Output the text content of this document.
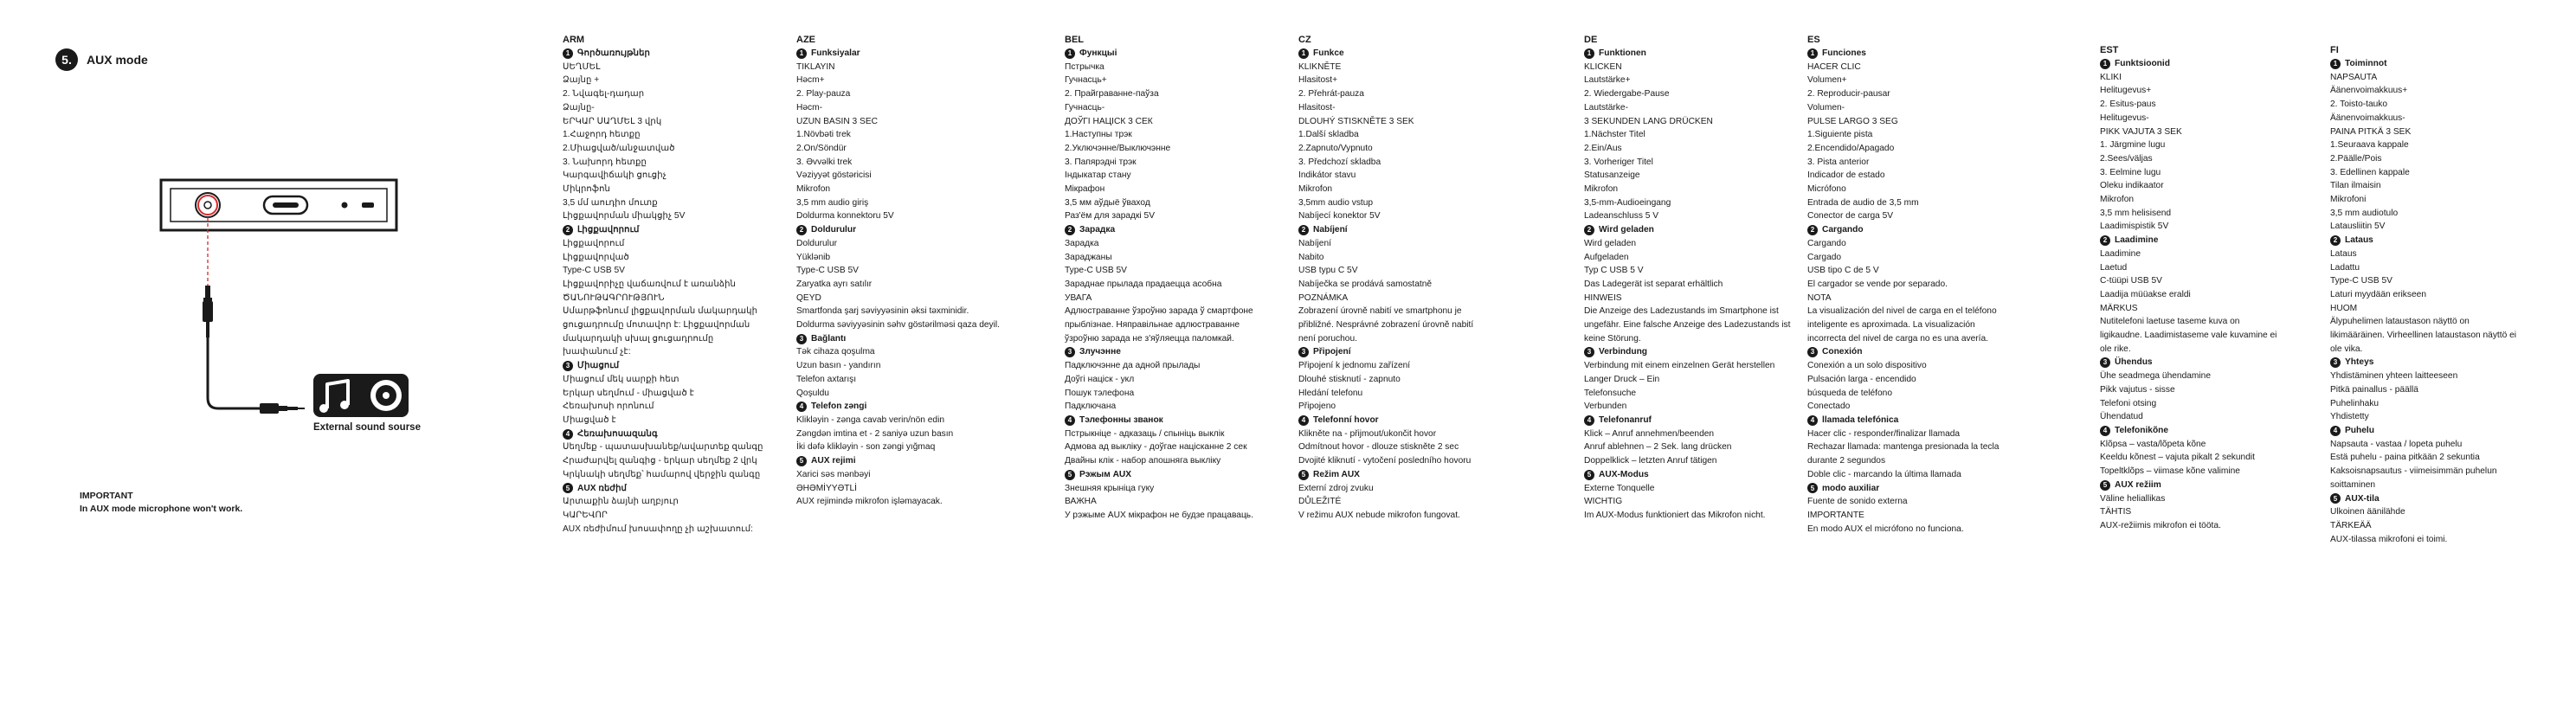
5.	AUX mode
External sound sourse
IMPORTANT
In AUX mode microphone won't work.
ARM
1 Գործառույթներ
ՍԵՂՄԵԼ
Ձայնը +
2. Նվագել-դադար
Ձայնը-
ԵՐԿԱՐ ՍԱՂՄԵԼ 3 վրկ
1.Հաջորդ հետքը
2.Միացված/անջատված
3. Նախորդ հետքը
Կարգավիճակի ցուցիչ
Միկրոֆոն
3,5 մմ աուդիո մուտք
Լիցքավորման միակցիչ 5V
2 Լիցքավորում
Լիցքավորում
Լիցքավորված
Type-C USB 5V
Լիցքավորիչը վաճառվում է առանձին
ԾԱՆՈՒԹԱԳՐՈՒԹՅՈՒՆ
Սմարթֆոնում լիցքավորման մակարդակի
ցուցադրումը մոտավոր է: Լիցքավորման
մակարդակի սխալ ցուցադրումը
խափանում չէ:
3 Միացում
Միացում մեկ սարքի հետ
Երկար սեղմում - միացված է
Հեռախոսի որոնում
Միացված է
4 Հեռախոսազանգ
Սեղմեք - պատասխանեք/ավարտեք զանգը
Հրաժարվել զանգից - երկար սեղմեք 2 վրկ
Կրկնակի սեղմեք՝ համարով վերջին զանգը
5 AUX ռեժիմ
Արտաքին ձայնի աղբյուր
ԿԱՐԵՎՈՐ
AUX ռեժիմում խոսափողը չի աշխատում:
AZE
1 Funksiyalar
TIKLAYIN
Həcm+
2. Play-pauza
Həcm-
UZUN BASIN 3 SEC
1.Növbəti trek
2.On/Söndür
3. Əvvəlki trek
Vəziyyət göstəricisi
Mikrofon
3,5 mm audio giriş
Doldurma konnektoru 5V
2 Doldurulur
Doldurulur
Yüklənib
Type-C USB 5V
Zaryatka ayrı satılır
QEYD
Smartfonda şarj səviyyəsinin əksi təxminidir.
Doldurma səviyyəsinin səhv göstərilməsi qaza deyil.
3 Bağlantı
Tək cihaza qoşulma
Uzun basın - yandırın
Telefon axtarışı
Qoşuldu
4 Telefon zəngi
Klikləyin - zənga cavab verin/nön edin
Zəngdən imtina et - 2 saniyə uzun basın
İki dəfə klikləyin - son zəngi yığmaq
5 AUX rejimi
Xarici səs mənbəyi
ƏHƏMİYYƏTLİ
AUX rejimində mikrofon işləmayacak.
BEL
1 Функцыі
Пстрычка
Гучнасць+
2. Прайграванне-паўза
Гучнасць-
ДОЎГІ НАЦІСК 3 СЕК
1.Наступны трэк
2.Уключэнне/Выключэнне
3. Папярэдні трэк
Індыкатар стану
Мікрафон
3,5 мм аўдыё ўваход
Раз'ём для зарадкі 5V
2 Зарадка
Зарадка
Зараджаны
Type-C USB 5V
Зараднае прылада прадаецца асобна
УВАГА
Адлюстраванне ўзроўню зарада ў смартфоне
прыблізнае. Няправільнае адлюстраванне
ўзроўню зарада не з'яўляецца паломкай.
3 Злучэнне
Падключэнне да адной прылады
Доўгі націск - укл
Пошук тэлефона
Падключана
4 Тэлефонны званок
Пстрыкніце - адказаць / спыніць выклік
Адмова ад выкліку - доўгае націсканне 2 сек
Двайны клік - набор апошняга выкліку
5 Рэжым AUX
Знешняя крыніца гуку
ВАЖНА
У рэжыме AUX мікрафон не будзе працаваць.
CZ
1 Funkce
KLIKNĚTE
Hlasitost+
2. Přehrát-pauza
Hlasitost-
DLOUHÝ STISKNĚTE 3 SEK
1.Další skladba
2.Zapnuto/Vypnuto
3. Předchozí skladba
Indikátor stavu
Mikrofon
3,5mm audio vstup
Nabíjecí konektor 5V
2 Nabíjení
Nabíjení
Nabito
USB typu C 5V
Nabíječka se prodává samostatně
POZNÁMKA
Zobrazení úrovně nabití ve smartphonu je
přibližné. Nesprávné zobrazení úrovně nabití
není poruchou.
3 Připojení
Připojení k jednomu zařízení
Dlouhé stisknutí - zapnuto
Hledání telefonu
Připojeno
4 Telefonní hovor
Klikněte na - přijmout/ukončit hovor
Odmítnout hovor - dlouze stiskněte 2 sec
Dvojité kliknutí - vytočení posledního hovoru
5 Režim AUX
Externí zdroj zvuku
DŮLEŽITÉ
V režimu AUX nebude mikrofon fungovat.
DE
1 Funktionen
KLICKEN
Lautstärke+
2. Wiedergabe-Pause
Lautstärke-
3 SEKUNDEN LANG DRÜCKEN
1.Nächster Titel
2.Ein/Aus
3. Vorheriger Titel
Statusanzeige
Mikrofon
3,5-mm-Audioeingang
Ladeanschluss 5 V
2 Wird geladen
Wird geladen
Aufgeladen
Typ C USB 5 V
Das Ladegerät ist separat erhältlich
HINWEIS
Die Anzeige des Ladezustands im Smartphone ist
ungefähr. Eine falsche Anzeige des Ladezustands ist
keine Störung.
3 Verbindung
Verbindung mit einem einzelnen Gerät herstellen
Langer Druck – Ein
Telefonsuche
Verbunden
4 Telefonanruf
Klick – Anruf annehmen/beenden
Anruf ablehnen – 2 Sek. lang drücken
Doppelklick – letzten Anruf tätigen
5 AUX-Modus
Externe Tonquelle
WICHTIG
Im AUX-Modus funktioniert das Mikrofon nicht.
ES
1 Funciones
HACER CLIC
Volumen+
2. Reproducir-pausar
Volumen-
PULSE LARGO 3 SEG
1.Siguiente pista
2.Encendido/Apagado
3. Pista anterior
Indicador de estado
Micrófono
Entrada de audio de 3,5 mm
Conector de carga 5V
2 Cargando
Cargando
Cargado
USB tipo C de 5 V
El cargador se vende por separado.
NOTA
La visualización del nivel de carga en el teléfono
inteligente es aproximada. La visualización
incorrecta del nivel de carga no es una avería.
3 Conexión
Conexión a un solo dispositivo
Pulsación larga - encendido
búsqueda de teléfono
Conectado
4 llamada telefónica
Hacer clic - responder/finalizar llamada
Rechazar llamada: mantenga presionada la tecla
durante 2 segundos
Doble clic - marcando la última llamada
5 modo auxiliar
Fuente de sonido externa
IMPORTANTE
En modo AUX el micrófono no funciona.
EST
1 Funktsioonid
KLIKI
Helitugevus+
2. Esitus-paus
Helitugevus-
PIKK VAJUTA 3 SEK
1. Järgmine lugu
2.Sees/väljas
3. Eelmine lugu
Oleku indikaator
Mikrofon
3,5 mm helisisend
Laadimispistik 5V
2 Laadimine
Laadimine
Laetud
C-tüüpi USB 5V
Laadija müüakse eraldi
MÄRKUS
Nutitelefoni laetuse taseme kuva on
ligikaudne. Laadimistaseme vale kuvamine ei
ole rike.
3 Ühendus
Ühe seadmega ühendamine
Pikk vajutus - sisse
Telefoni otsing
Ühendatud
4 Telefonikõne
Klõpsa – vasta/lõpeta kõne
Keeldu kõnest – vajuta pikalt 2 sekundit
Topeltklõps – viimase kõne valimine
5 AUX režiim
Väline heliallikas
TÄHTIS
AUX-režiimis mikrofon ei tööta.
FI
1 Toiminnot
NAPSAUTA
Äänenvoimakkuus+
2. Toisto-tauko
Äänenvoimakkuus-
PAINA PITKÄ 3 SEK
1.Seuraava kappale
2.Päälle/Pois
3. Edellinen kappale
Tilan ilmaisin
Mikrofoni
3,5 mm audiotulo
Latausliitin 5V
2 Lataus
Lataus
Ladattu
Type-C USB 5V
Laturi myydään erikseen
HUOM
Älypuhelimen lataustason näyttö on
likimääräinen. Virheellinen lataustason näyttö ei
ole vika.
3 Yhteys
Yhdistäminen yhteen laitteeseen
Pitkä painallus - päällä
Puhelinhaku
Yhdistetty
4 Puhelu
Napsauta - vastaa / lopeta puhelu
Estä puhelu - paina pitkään 2 sekuntia
Kaksoisnapsautus - viimeisimmän puhelun
soittaminen
5 AUX-tila
Ulkoinen äänilähde
TÄRKEÄÄ
AUX-tilassa mikrofoni ei toimi.
